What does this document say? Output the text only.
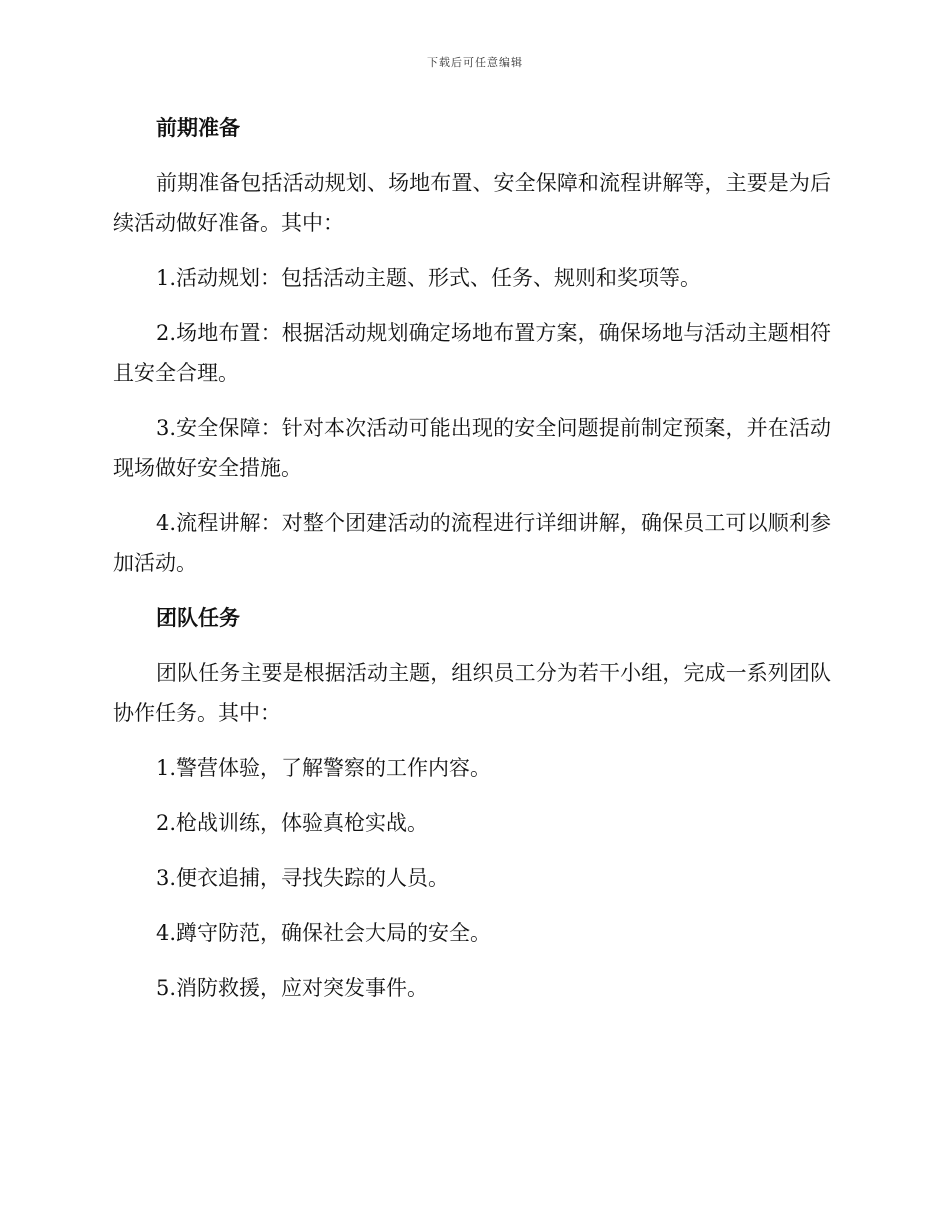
下载后可任意编辑
前期准备

前期准备包括活动规划、场地布置、安全保障和流程讲解等，主要是为后续活动做好准备。其中：

1.活动规划：包括活动主题、形式、任务、规则和奖项等。

2.场地布置：根据活动规划确定场地布置方案，确保场地与活动主题相符且安全合理。

3.安全保障：针对本次活动可能出现的安全问题提前制定预案，并在活动现场做好安全措施。

4.流程讲解：对整个团建活动的流程进行详细讲解，确保员工可以顺利参加活动。

团队任务

团队任务主要是根据活动主题，组织员工分为若干小组，完成一系列团队协作任务。其中：

1.警营体验，了解警察的工作内容。

2.枪战训练，体验真枪实战。

3.便衣追捕，寻找失踪的人员。

4.蹲守防范，确保社会大局的安全。

5.消防救援，应对突发事件。
